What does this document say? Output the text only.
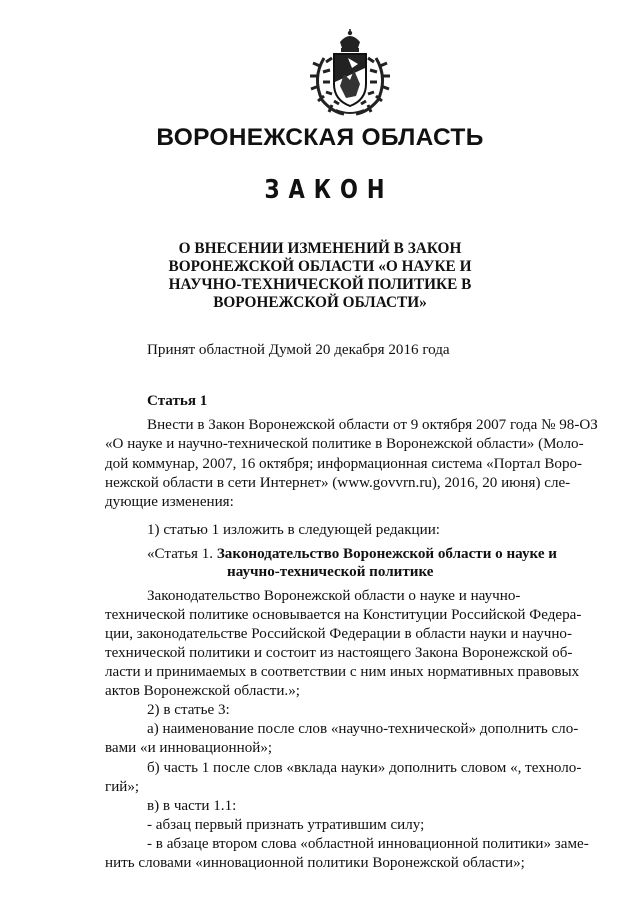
ВОРОНЕЖСКАЯ ОБЛАСТЬ
ЗАКОН
О ВНЕСЕНИИ ИЗМЕНЕНИЙ В ЗАКОН
ВОРОНЕЖСКОЙ ОБЛАСТИ «О НАУКЕ И
НАУЧНО-ТЕХНИЧЕСКОЙ ПОЛИТИКЕ В
ВОРОНЕЖСКОЙ ОБЛАСТИ»
Принят областной Думой 20 декабря 2016 года
Статья 1
Внести в Закон Воронежской области от 9 октября 2007 года № 98-ОЗ
«О науке и научно-технической политике в Воронежской области» (Моло-
дой коммунар, 2007, 16 октября; информационная система «Портал Воро-
нежской области в сети Интернет» (www.govvrn.ru), 2016, 20 июня) сле-
дующие изменения:
1) статью 1 изложить в следующей редакции:
«Статья 1. Законодательство Воронежской области о науке и
научно-технической политике
Законодательство Воронежской области о науке и научно-
технической политике основывается на Конституции Российской Федера-
ции, законодательстве Российской Федерации в области науки и научно-
технической политики и состоит из настоящего Закона Воронежской об-
ласти и принимаемых в соответствии с ним иных нормативных правовых
актов Воронежской области.»;
2) в статье 3:
а) наименование после слов «научно-технической» дополнить сло-
вами «и инновационной»;
б) часть 1 после слов «вклада науки» дополнить словом «, техноло-
гий»;
в) в части 1.1:
- абзац первый признать утратившим силу;
- в абзаце втором слова «областной инновационной политики» заме-
нить словами «инновационной политики Воронежской области»;
